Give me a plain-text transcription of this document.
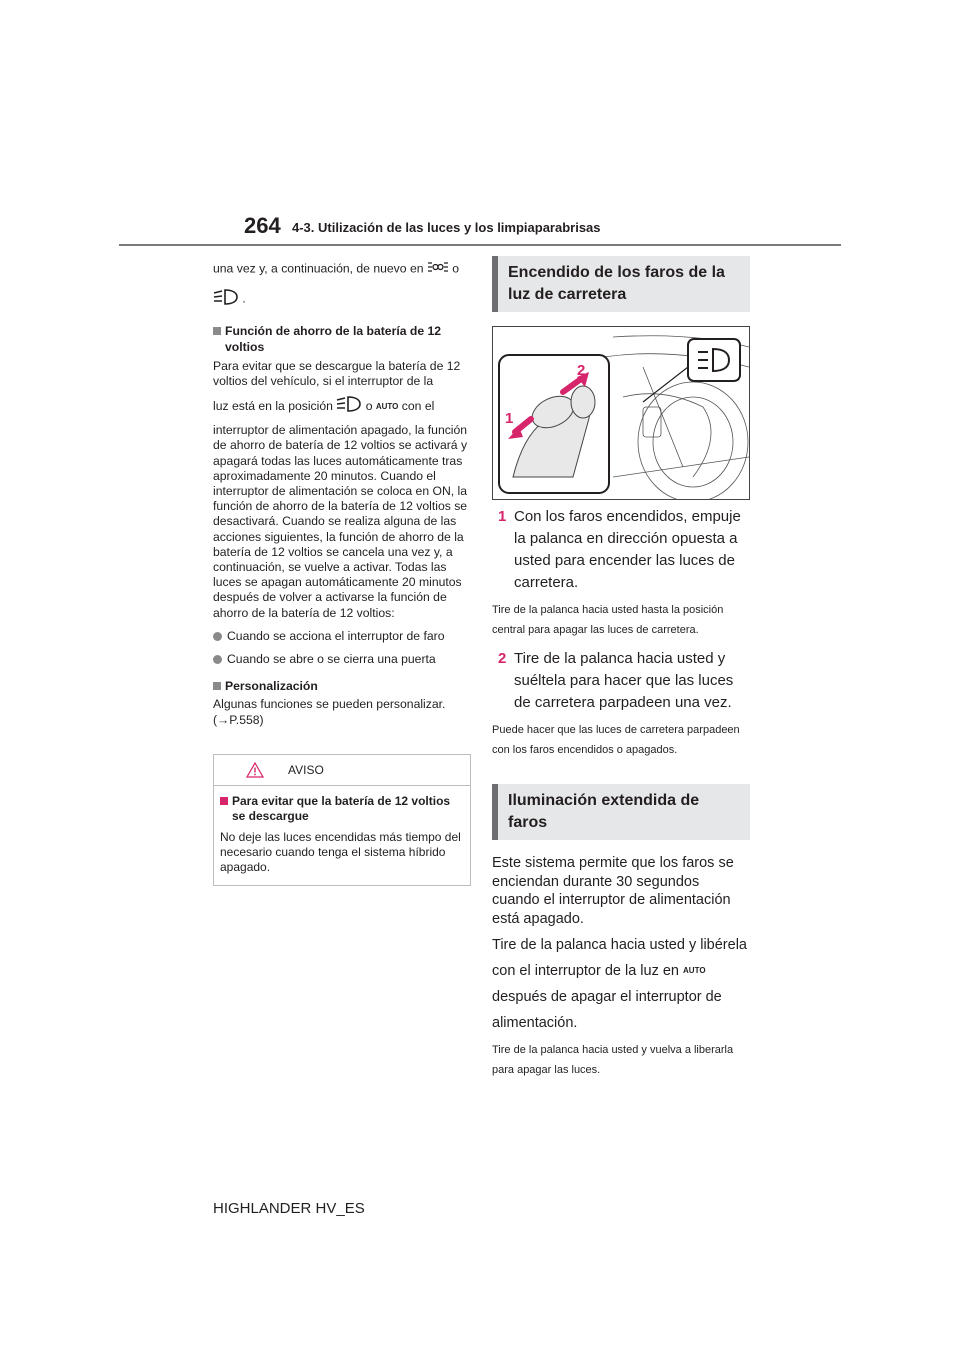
264 4-3. Utilización de las luces y los limpiaparabrisas

una vez y, a continuación, de nuevo en o

.

Función de ahorro de la batería de 12 voltios

Para evitar que se descargue la batería de 12 voltios del vehículo, si el interruptor de la

luz está en la posición	o AUTO con el

interruptor de alimentación apagado, la función de ahorro de batería de 12 voltios se activará y apagará todas las luces automáticamente tras aproximadamente 20 minutos. Cuando el interruptor de alimentación se coloca en ON, la función de ahorro de la batería de 12 voltios se desactivará. Cuando se realiza alguna de las acciones siguientes, la función de ahorro de la batería de 12 voltios se cancela una vez y, a continuación, se vuelve a activar. Todas las luces se apagan automáticamente 20 minutos después de volver a activarse la función de ahorro de la batería de 12 voltios:

Cuando se acciona el interruptor de faro

Cuando se abre o se cierra una puerta

Personalización

Algunas funciones se pueden personalizar.

(→P.558)

AVISO

Para evitar que la batería de 12 voltios se descargue

No deje las luces encendidas más tiempo del necesario cuando tenga el sistema híbrido apagado.

Encendido de los faros de la luz de carretera
1
2
1 Con los faros encendidos, empuje la palanca en dirección opuesta a usted para encender las luces de carretera.

Tire de la palanca hacia usted hasta la posición central para apagar las luces de carretera.

2 Tire de la palanca hacia usted y suéltela para hacer que las luces de carretera parpadeen una vez.

Puede hacer que las luces de carretera parpadeen con los faros encendidos o apagados.

Iluminación extendida de faros

Este sistema permite que los faros se enciendan durante 30 segundos cuando el interruptor de alimentación está apagado.

Tire de la palanca hacia usted y libérela con el interruptor de la luz en AUTO después de apagar el interruptor de alimentación.

Tire de la palanca hacia usted y vuelva a liberarla para apagar las luces.

HIGHLANDER HV_ES
